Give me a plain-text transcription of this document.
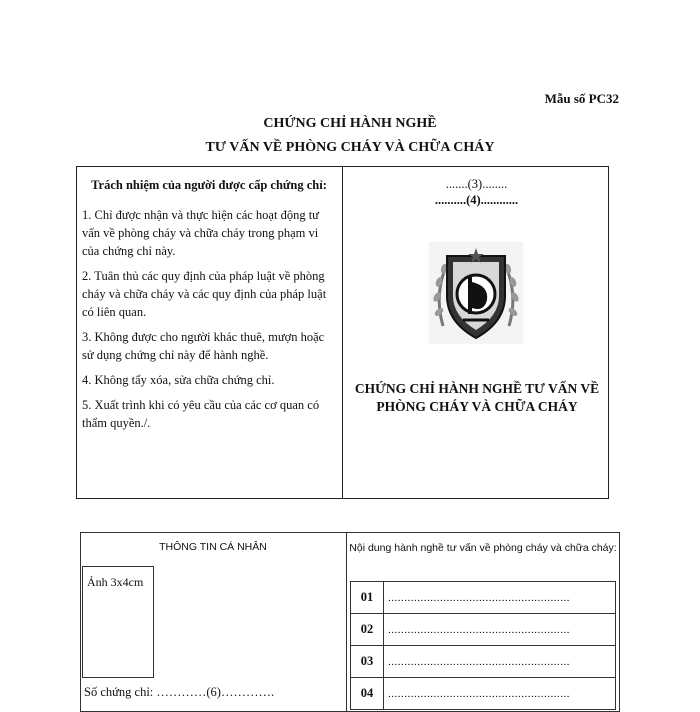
Mẫu số PC32
CHỨNG CHỈ HÀNH NGHỀ
TƯ VẤN VỀ PHÒNG CHÁY VÀ CHỮA CHÁY
Trách nhiệm của người được cấp chứng chỉ:

1. Chỉ được nhận và thực hiện các hoạt động tư vấn về phòng cháy và chữa cháy trong phạm vi của chứng chỉ này.

2. Tuân thủ các quy định của pháp luật về phòng cháy và chữa cháy và các quy định của pháp luật có liên quan.

3. Không được cho người khác thuê, mượn hoặc sử dụng chứng chỉ này để hành nghề.

4. Không tẩy xóa, sửa chữa chứng chỉ.

5. Xuất trình khi có yêu cầu của các cơ quan có thẩm quyền./.

.......(3)........
..........(4)............
CHỨNG CHỈ HÀNH NGHỀ TƯ VẤN VỀ PHÒNG CHÁY VÀ CHỮA CHÁY
THÔNG TIN CÁ NHÂN
Ảnh 3x4cm
Số chứng chỉ: …………(6)………….
Nội dung hành nghề tư vấn về phòng cháy và chữa cháy:
01	........................................................
02	........................................................
03	........................................................
04	........................................................
